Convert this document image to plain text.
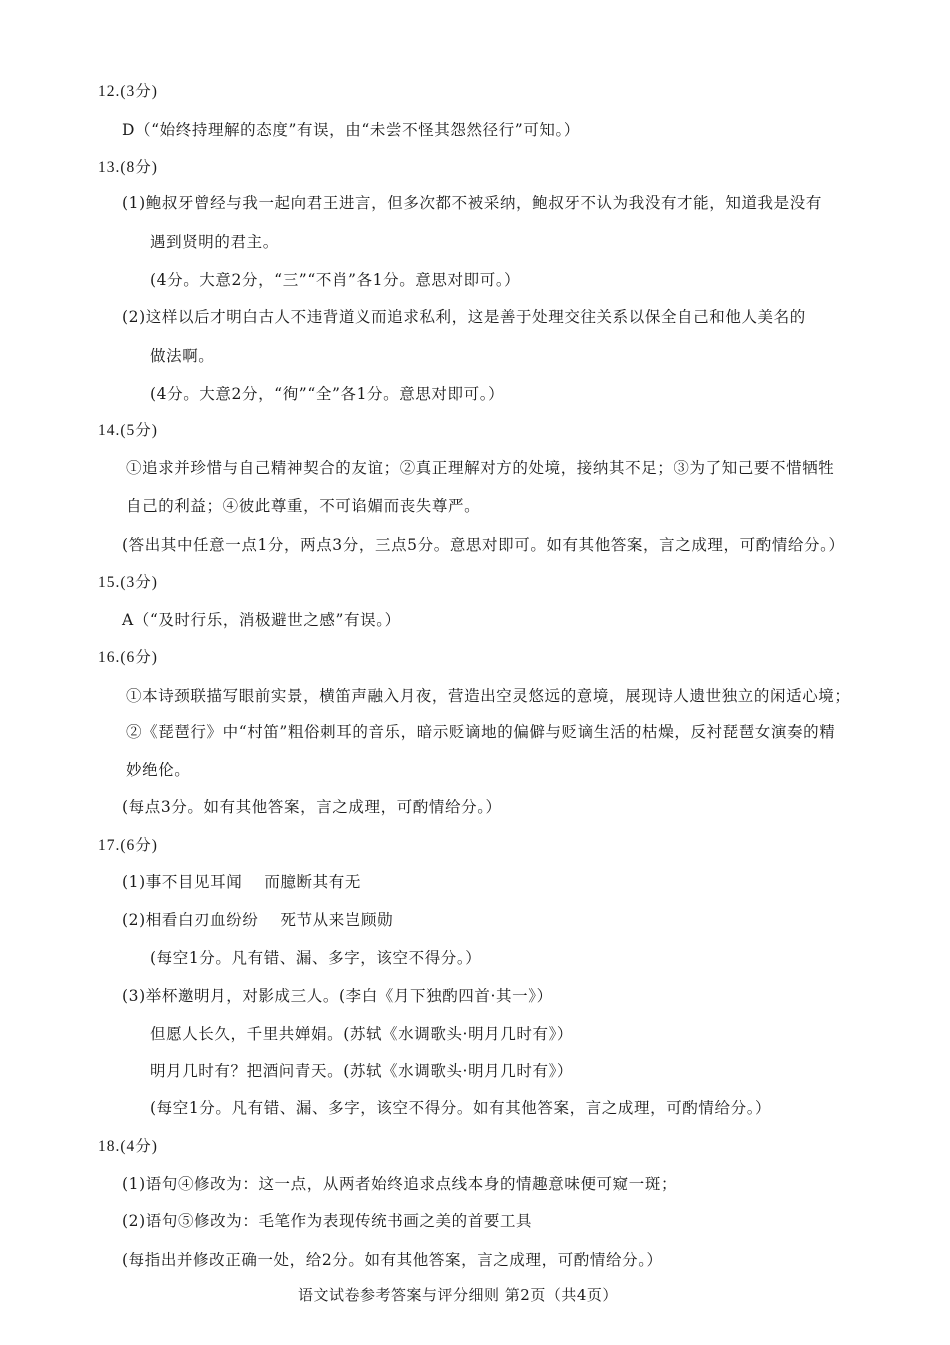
12.(3分)
D（“始终持理解的态度”有误，由“未尝不怪其怨然径行”可知。）
13.(8分)
(1)鲍叔牙曾经与我一起向君王进言，但多次都不被采纳，鲍叔牙不认为我没有才能，知道我是没有
遇到贤明的君主。
(4分。大意2分，“三”“不肖”各1分。意思对即可。）
(2)这样以后才明白古人不违背道义而追求私利，这是善于处理交往关系以保全自己和他人美名的
做法啊。
(4分。大意2分，“徇”“全”各1分。意思对即可。）
14.(5分)
①追求并珍惜与自己精神契合的友谊；②真正理解对方的处境，接纳其不足；③为了知己要不惜牺牲
自己的利益；④彼此尊重，不可谄媚而丧失尊严。
(答出其中任意一点1分，两点3分，三点5分。意思对即可。如有其他答案，言之成理，可酌情给分。）
15.(3分)
A（“及时行乐，消极避世之感”有误。）
16.(6分)
①本诗颈联描写眼前实景，横笛声融入月夜，营造出空灵悠远的意境，展现诗人遗世独立的闲适心境；
②《琵琶行》中“村笛”粗俗刺耳的音乐，暗示贬谪地的偏僻与贬谪生活的枯燥，反衬琵琶女演奏的精
妙绝伦。
(每点3分。如有其他答案，言之成理，可酌情给分。）
17.(6分)
(1)事不目见耳闻 而臆断其有无
(2)相看白刃血纷纷 死节从来岂顾勋
(每空1分。凡有错、漏、多字，该空不得分。）
(3)举杯邀明月，对影成三人。(李白《月下独酌四首·其一》）
但愿人长久，千里共婵娟。(苏轼《水调歌头·明月几时有》）
明月几时有？把酒问青天。(苏轼《水调歌头·明月几时有》）
(每空1分。凡有错、漏、多字，该空不得分。如有其他答案，言之成理，可酌情给分。）
18.(4分)
(1)语句④修改为：这一点，从两者始终追求点线本身的情趣意味便可窥一斑；
(2)语句⑤修改为：毛笔作为表现传统书画之美的首要工具
(每指出并修改正确一处，给2分。如有其他答案，言之成理，可酌情给分。）
语文试卷参考答案与评分细则 第2页（共4页）
